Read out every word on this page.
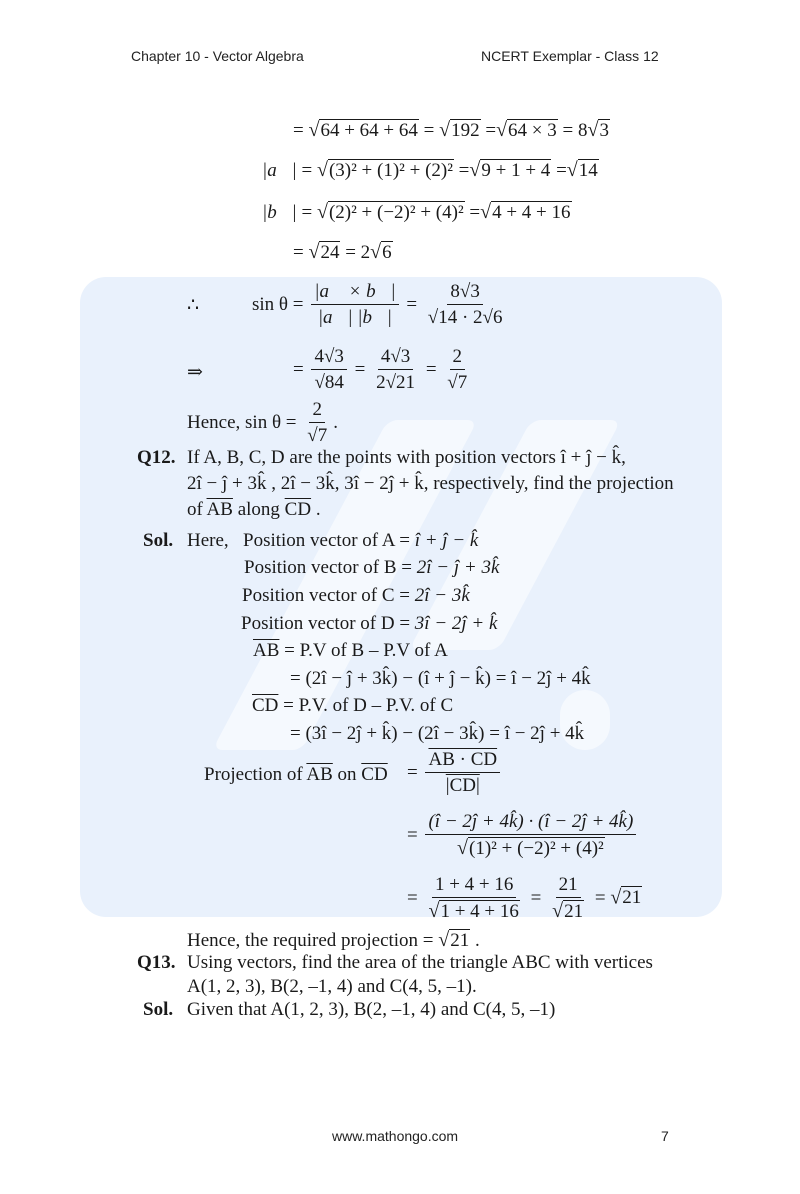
Chapter 10 - Vector Algebra	NCERT Exemplar - Class 12
= √64 + 64 + 64 = √192 =√64 × 3 = 8√3
|a⃗| = √(3)² + (1)² + (2)² =√9 + 1 + 4 =√14
|b⃗| = √(2)² + (−2)² + (4)² =√4 + 4 + 16
= √24 = 2√6
∴	$\sin \theta = \frac{|a⃗ \times b⃗|}{|a⃗| |b⃗|} = \frac{8√3}{√14 \cdot 2√6}$
⇒	= $\frac{4√3}{√84} = \frac{4√3}{2√21} = \frac{2}{√7}$
Hence, $\sin \theta = \frac{2}{√7}$ .
Q12. If A, B, C, D are the points with position vectors î + ĵ − k̂,
2î − ĵ + 3k̂ , 2î − 3k̂, 3î − 2ĵ + k̂, respectively, find the projection
of $\overline{AB}$ along $\overline{CD}$ .
Sol. Here, Position vector of A = î + ĵ − k̂
Position vector of B = 2î − ĵ + 3k̂
Position vector of C = 2î − 3k̂
Position vector of D = 3î − 2ĵ + k̂
$\overline{AB} = P.V$ of B – P.V of A
= (2î − ĵ + 3k̂) − (î + ĵ − k̂) = î − 2ĵ + 4k̂
$\overline{CD} = P.V$. of D – P.V. of C
= (3î − 2ĵ + k̂) − (2î − 3k̂) = î − 2ĵ + 4k̂
Projection of $\overline{AB}$ on $\overline{CD} = \frac{AB \cdot CD}{|CD|}$
= $\frac{(î - 2ĵ + 4k̂) \cdot (î - 2ĵ + 4k̂)}{\text{√(1)² + (−2)² + (4)²}}$
= $\frac{1 + 4 + 16}{√1 + 4 + 16} = \frac{21}{√21} = √21$
Hence, the required projection = √21 .
Q13. Using vectors, find the area of the triangle ABC with vertices
A(1, 2, 3), B(2, –1, 4) and C(4, 5, –1).
Sol. Given that A(1, 2, 3), B(2, –1, 4) and C(4, 5, –1)
www.mathongo.com	7
